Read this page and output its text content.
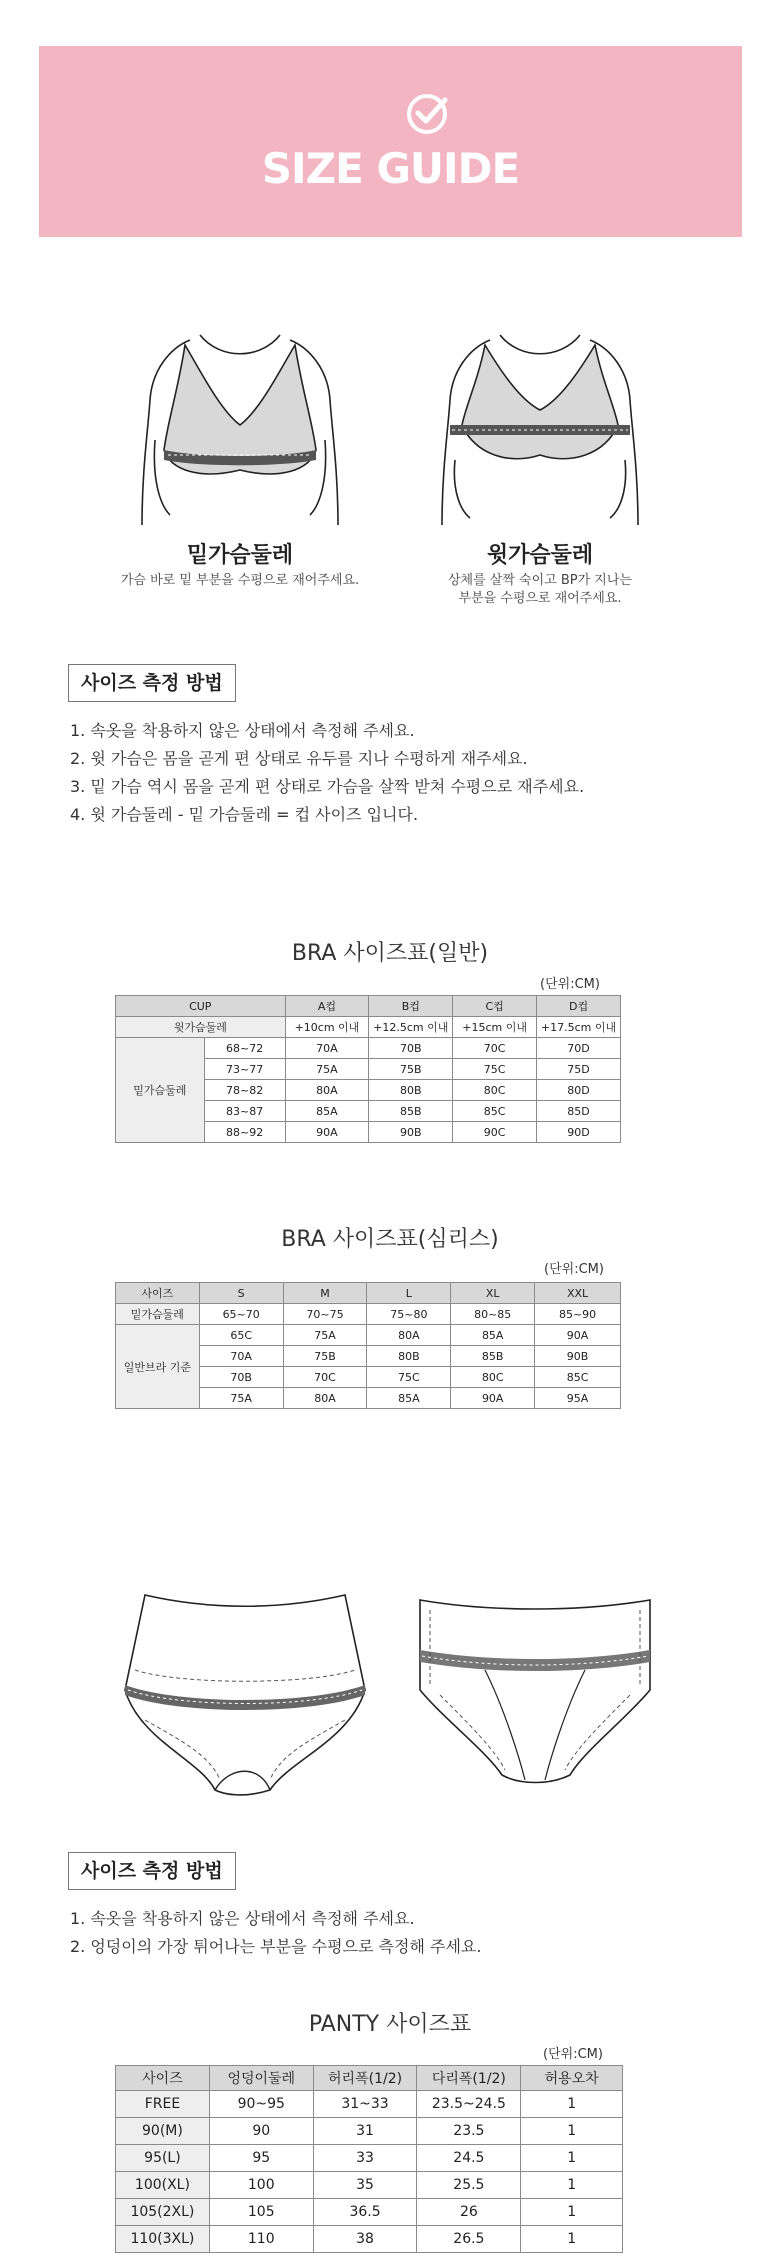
SIZE GUIDE
밑가슴둘레
가슴 바로 밑 부분을 수평으로 재어주세요.
윗가슴둘레
상체를 살짝 숙이고 BP가 지나는
부분을 수평으로 재어주세요.
사이즈 측정 방법
1. 속옷을 착용하지 않은 상태에서 측정해 주세요.
2. 윗 가슴은 몸을 곧게 편 상태로 유두를 지나 수평하게 재주세요.
3. 밑 가슴 역시 몸을 곧게 편 상태로 가슴을 살짝 받쳐 수평으로 재주세요.
4. 윗 가슴둘레 - 밑 가슴둘레 = 컵 사이즈 입니다.
BRA 사이즈표(일반)
(단위:CM)
CUP		A컵	B컵	C컵	D컵
윗가슴둘레		+10cm 이내	+12.5cm 이내	+15cm 이내	+17.5cm 이내
밑가슴둘레	68~72	70A	70B	70C	70D
	73~77	75A	75B	75C	75D
	78~82	80A	80B	80C	80D
	83~87	85A	85B	85C	85D
	88~92	90A	90B	90C	90D
BRA 사이즈표(심리스)
(단위:CM)
사이즈	S	M	L	XL	XXL
밑가슴둘레	65~70	70~75	75~80	80~85	85~90
일반브라 기준	65C	75A	80A	85A	90A
	70A	75B	80B	85B	90B
	70B	70C	75C	80C	85C
	75A	80A	85A	90A	95A
사이즈 측정 방법
1. 속옷을 착용하지 않은 상태에서 측정해 주세요.
2. 엉덩이의 가장 튀어나는 부분을 수평으로 측정해 주세요.
PANTY 사이즈표
(단위:CM)
사이즈	엉덩이둘레	허리폭(1/2)	다리폭(1/2)	허용오차
FREE	90~95	31~33	23.5~24.5	1
90(M)	90	31	23.5	1
95(L)	95	33	24.5	1
100(XL)	100	35	25.5	1
105(2XL)	105	36.5	26	1
110(3XL)	110	38	26.5	1
